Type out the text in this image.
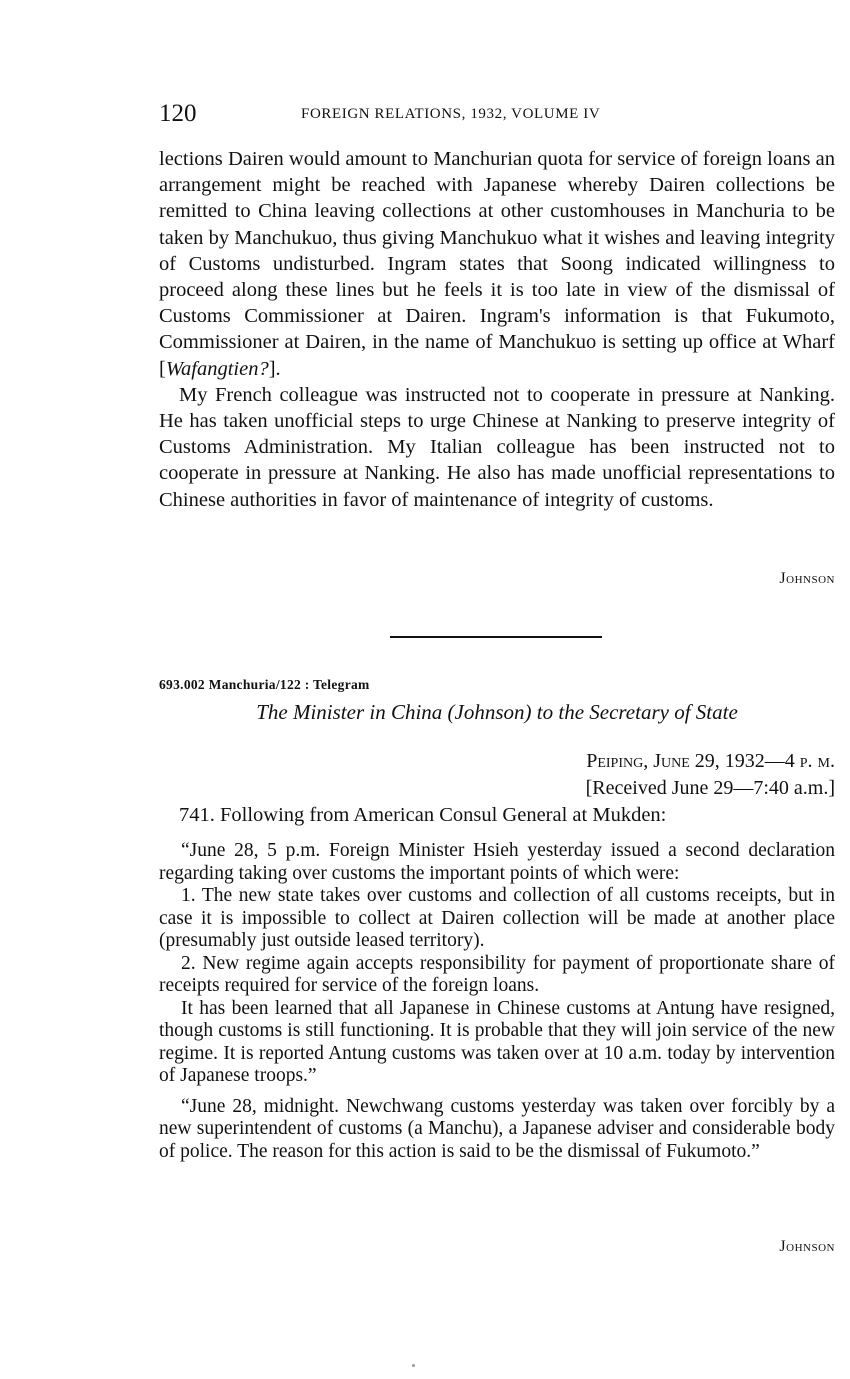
120	FOREIGN RELATIONS, 1932, VOLUME IV

lections Dairen would amount to Manchurian quota for service of foreign loans an arrangement might be reached with Japanese whereby Dairen collections be remitted to China leaving collections at other customhouses in Manchuria to be taken by Manchukuo, thus giving Manchukuo what it wishes and leaving integrity of Customs undisturbed. Ingram states that Soong indicated willingness to proceed along these lines but he feels it is too late in view of the dismissal of Customs Commissioner at Dairen. Ingram's information is that Fukumoto, Commissioner at Dairen, in the name of Manchukuo is setting up office at Wharf [Wafangtien?].

My French colleague was instructed not to cooperate in pressure at Nanking. He has taken unofficial steps to urge Chinese at Nanking to preserve integrity of Customs Administration. My Italian colleague has been instructed not to cooperate in pressure at Nanking. He also has made unofficial representations to Chinese authorities in favor of maintenance of integrity of customs.

Johnson
693.002 Manchuria/122 : Telegram
The Minister in China (Johnson) to the Secretary of State
Peiping, June 29, 1932—4 p. m.
[Received June 29—7:40 a.m.]

741. Following from American Consul General at Mukden:

“June 28, 5 p.m. Foreign Minister Hsieh yesterday issued a second declaration regarding taking over customs the important points of which were:

1. The new state takes over customs and collection of all customs receipts, but in case it is impossible to collect at Dairen collection will be made at another place (presumably just outside leased territory).

2. New regime again accepts responsibility for payment of proportionate share of receipts required for service of the foreign loans.

It has been learned that all Japanese in Chinese customs at Antung have resigned, though customs is still functioning. It is probable that they will join service of the new regime. It is reported Antung customs was taken over at 10 a.m. today by intervention of Japanese troops.”

“June 28, midnight. Newchwang customs yesterday was taken over forcibly by a new superintendent of customs (a Manchu), a Japanese adviser and considerable body of police. The reason for this action is said to be the dismissal of Fukumoto.”

Johnson
